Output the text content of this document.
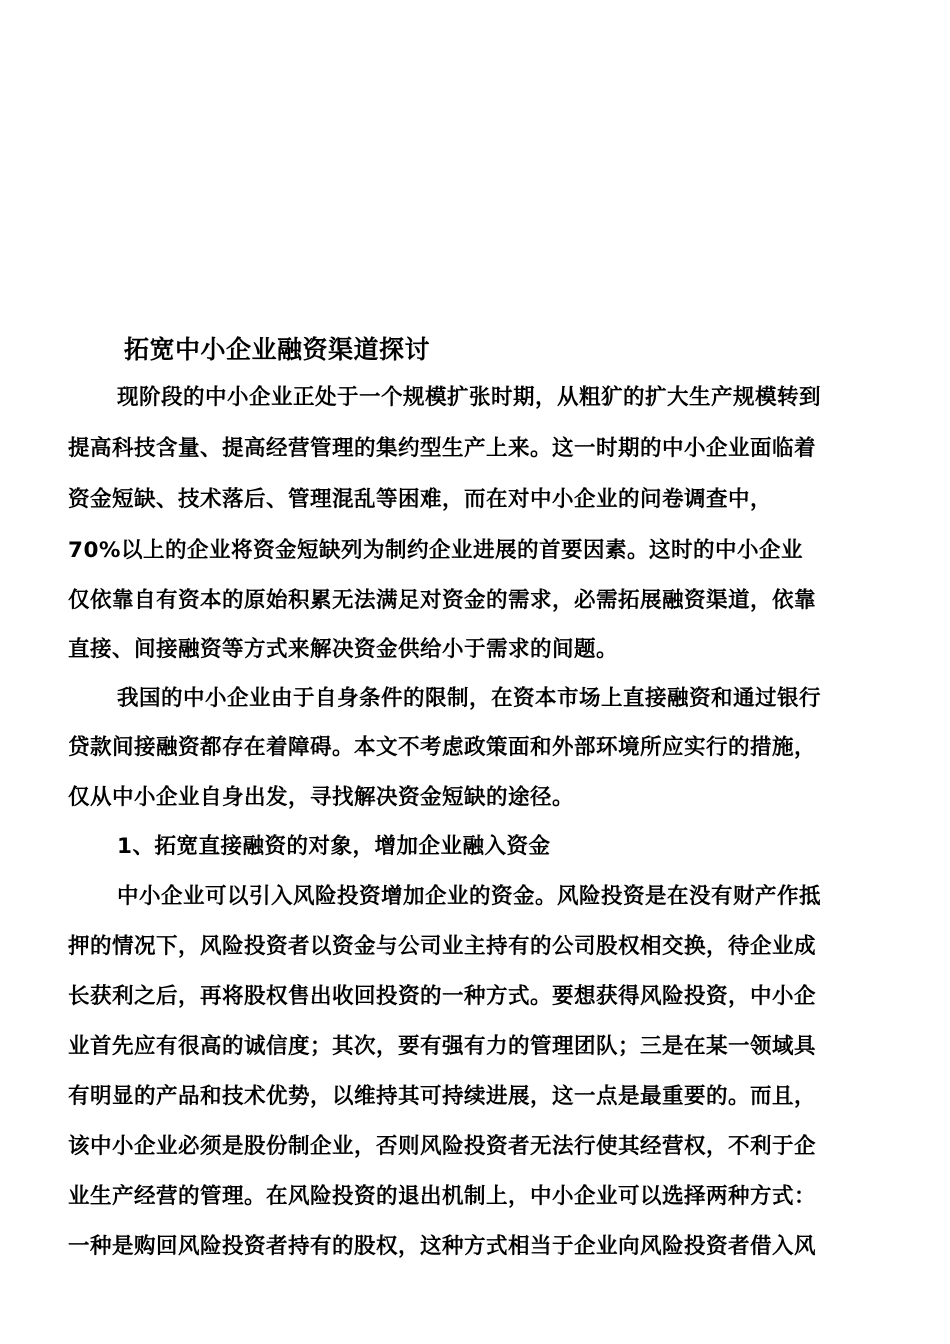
拓宽中小企业融资渠道探讨

现阶段的中小企业正处于一个规模扩张时期，从粗犷的扩大生产规模转到

提高科技含量、提高经营管理的集约型生产上来。这一时期的中小企业面临着

资金短缺、技术落后、管理混乱等困难，而在对中小企业的问卷调查中，

70%以上的企业将资金短缺列为制约企业进展的首要因素。这时的中小企业

仅依靠自有资本的原始积累无法满足对资金的需求，必需拓展融资渠道，依靠

直接、间接融资等方式来解决资金供给小于需求的间题。

我国的中小企业由于自身条件的限制，在资本市场上直接融资和通过银行

贷款间接融资都存在着障碍。本文不考虑政策面和外部环境所应实行的措施，

仅从中小企业自身出发，寻找解决资金短缺的途径。

1、拓宽直接融资的对象，增加企业融入资金

中小企业可以引入风险投资增加企业的资金。风险投资是在没有财产作抵

押的情况下，风险投资者以资金与公司业主持有的公司股权相交换，待企业成

长获利之后，再将股权售出收回投资的一种方式。要想获得风险投资，中小企

业首先应有很高的诚信度；其次，要有强有力的管理团队；三是在某一领域具

有明显的产品和技术优势，以维持其可持续进展，这一点是最重要的。而且，

该中小企业必须是股份制企业，否则风险投资者无法行使其经营权，不利于企

业生产经营的管理。在风险投资的退出机制上，中小企业可以选择两种方式：

一种是购回风险投资者持有的股权，这种方式相当于企业向风险投资者借入风
